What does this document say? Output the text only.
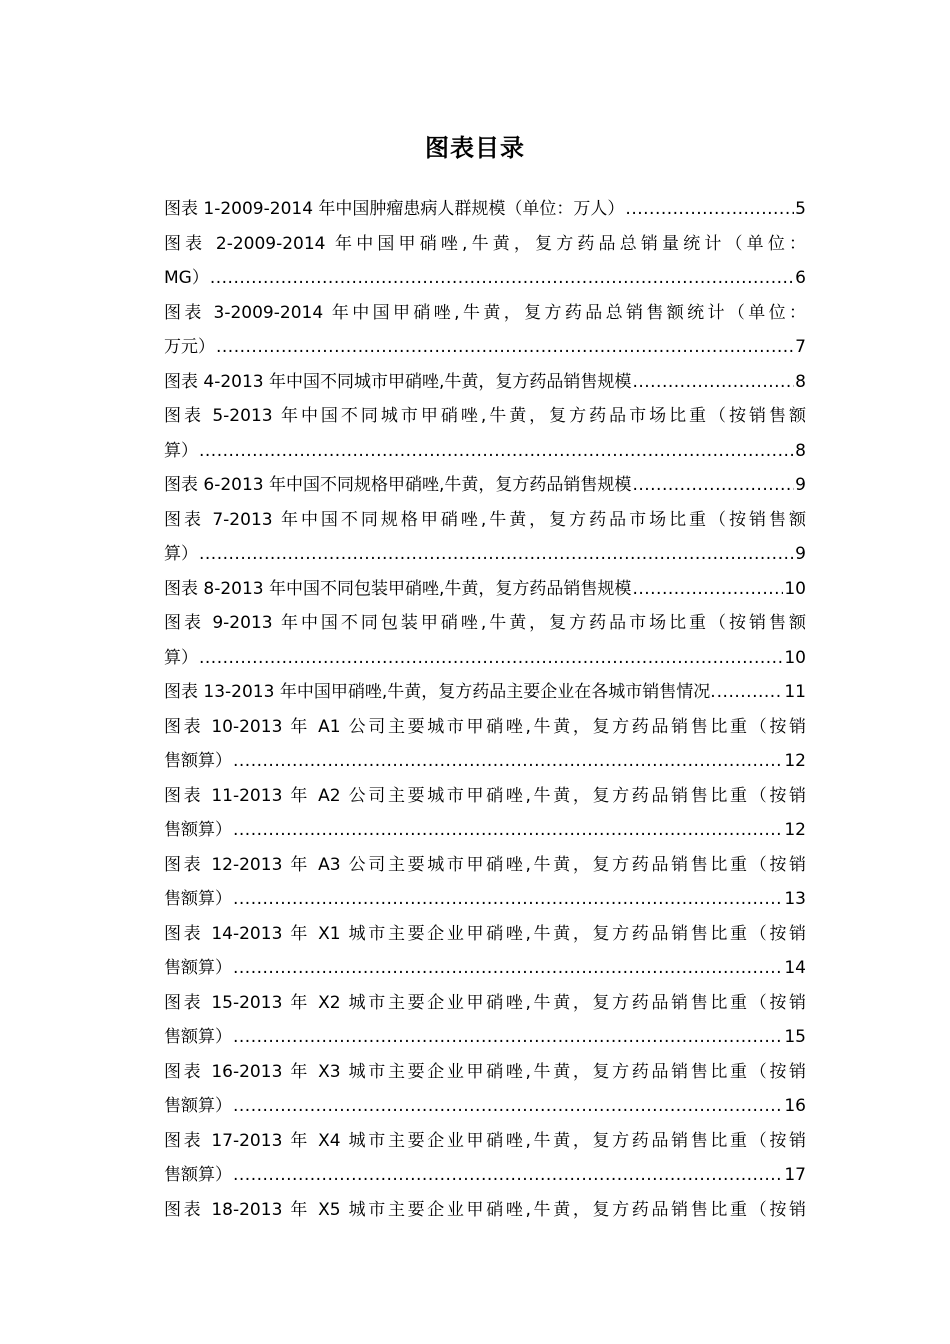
图表目录
图表 1-2009-2014 年中国肿瘤患病人群规模（单位：万人） .....	5
图表 2-2009-2014 年中国甲硝唑,牛黄，复方药品总销量统计（单位：
MG） .....	6
图表 3-2009-2014 年中国甲硝唑,牛黄，复方药品总销售额统计（单位：
万元） .....	7
图表 4-2013 年中国不同城市甲硝唑,牛黄，复方药品销售规模 .....	8
图表 5-2013 年中国不同城市甲硝唑,牛黄，复方药品市场比重（按销售额
算） .....	8
图表 6-2013 年中国不同规格甲硝唑,牛黄，复方药品销售规模 .....	9
图表 7-2013 年中国不同规格甲硝唑,牛黄，复方药品市场比重（按销售额
算） .....	9
图表 8-2013 年中国不同包装甲硝唑,牛黄，复方药品销售规模 .....	10
图表 9-2013 年中国不同包装甲硝唑,牛黄，复方药品市场比重（按销售额
算） .....	10
图表 13-2013 年中国甲硝唑,牛黄，复方药品主要企业在各城市销售情况. .....	11
图表 10-2013 年 A1 公司主要城市甲硝唑,牛黄，复方药品销售比重（按销
售额算） .....	12
图表 11-2013 年 A2 公司主要城市甲硝唑,牛黄，复方药品销售比重（按销
售额算） .....	12
图表 12-2013 年 A3 公司主要城市甲硝唑,牛黄，复方药品销售比重（按销
售额算） .....	13
图表 14-2013 年 X1 城市主要企业甲硝唑,牛黄，复方药品销售比重（按销
售额算） .....	14
图表 15-2013 年 X2 城市主要企业甲硝唑,牛黄，复方药品销售比重（按销
售额算） .....	15
图表 16-2013 年 X3 城市主要企业甲硝唑,牛黄，复方药品销售比重（按销
售额算） .....	16
图表 17-2013 年 X4 城市主要企业甲硝唑,牛黄，复方药品销售比重（按销
售额算） .....	17
图表 18-2013 年 X5 城市主要企业甲硝唑,牛黄，复方药品销售比重（按销
